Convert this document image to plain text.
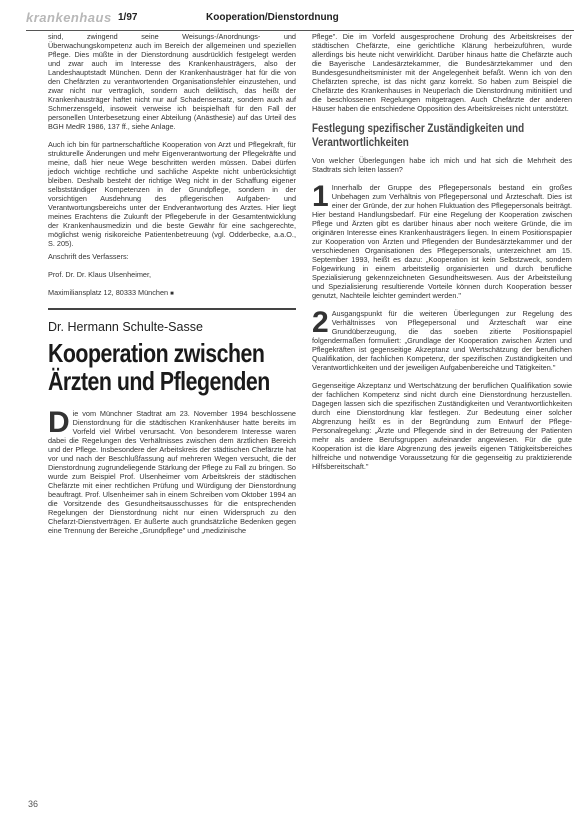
krankenhaus 1/97	Kooperation/Dienstordnung

sind, zwingend seine Weisungs-/Anordnungs- und Überwachungskompetenz auch im Bereich der allgemeinen und speziellen Pflege. Dies müßte in der Dienstordnung ausdrücklich festgelegt werden und zwar auch im Interesse des Krankenhausträgers, also der Landeshauptstadt München. Denn der Krankenhausträger hat für die von den Chefärzten zu verantwortenden Organisationsfehler einzustehen, und zwar nicht nur vertraglich, sondern auch deliktisch, das heißt der Krankenhausträger haftet nicht nur auf Schadensersatz, sondern auch auf Schmerzensgeld, insoweit verweise ich beispielhaft für den Fall der personellen Unterbesetzung einer Abteilung (Anästhesie) auf das Urteil des BGH MedR 1986, 137 ff., siehe Anlage.

Auch ich bin für partnerschaftliche Kooperation von Arzt und Pflegekraft, für strukturelle Änderungen und mehr Eigenverantwortung der Pflegekräfte und meine, daß hier neue Wege beschritten werden müssen. Dabei dürfen jedoch wichtige rechtliche und sachliche Aspekte nicht unberücksichtigt bleiben. Deshalb besteht der richtige Weg nicht in der Schaffung eigener selbstständiger Kompetenzen in der Grundpflege, sondern in der vorsichtigen Ausdehnung des pflegerischen Aufgaben- und Verantwortungsbereichs unter der Endverantwortung des Arztes. Hier liegt meines Erachtens die Zukunft der Pflegeberufe in der Gesamtentwicklung der Krankenhausmedizin und die beste Gewähr für eine sachgerechte, möglichst wenig risikoreiche Patientenbetreuung (vgl. Odderbecke, a.a.O., S. 205).

Anschrift des Verfassers:

Prof. Dr. Dr. Klaus Ulsenheimer,

Maximiliansplatz 12, 80333 München ■

Dr. Hermann Schulte-Sasse
Kooperation zwischen
Ärzten und Pflegenden

Die vom Münchner Stadtrat am 23. November 1994 beschlossene Dienstordnung für die städtischen Krankenhäuser hatte bereits im Vorfeld viel Wirbel verursacht. Von besonderem Interesse waren dabei die Regelungen des Verhältnisses zwischen dem ärztlichen Bereich und der Pflege. Insbesondere der Arbeitskreis der städtischen Chefärzte hat vor und nach der Beschlußfassung auf mehreren Wegen versucht, die der Dienstordnung zugrundeliegende Stärkung der Pflege zu Fall zu bringen. So wurde zum Beispiel Prof. Ulsenheimer vom Arbeitskreis der städtischen Chefärzte mit einer rechtlichen Prüfung und Würdigung der Dienstordnung beauftragt. Prof. Ulsenheimer sah in einem Schreiben vom Oktober 1994 an die Vorsitzende des Gesundheitsausschusses für die entsprechenden Regelungen der Dienstordnung nicht nur einen Widerspruch zu den Chefarzt-Dienstverträgen. Er äußerte auch grundsätzliche Bedenken gegen eine Trennung der Bereiche „Grundpflege" und „medizinische

Pflege". Die im Vorfeld ausgesprochene Drohung des Arbeitskreises der städtischen Chefärzte, eine gerichtliche Klärung herbeizuführen, wurde allerdings bis heute nicht verwirklicht. Darüber hinaus hatte die Chefärzte auch die Bayerische Landesärztekammer, die Bundesärztekammer und den Bundesgesundheitsminister mit der Angelegenheit befaßt. Wenn ich von den Chefärzten spreche, ist das nicht ganz korrekt. So haben zum Beispiel die Chefärzte des Krankenhauses in Neuperlach die Dienstordnung mitinitiiert und die beschlossenen Regelungen mitgetragen. Auch Chefärzte der anderen Häuser haben die entschiedene Opposition des Arbeitskreises nicht unterstützt.

Festlegung spezifischer Zuständigkeiten und
Verantwortlichkeiten

Von welcher Überlegungen habe ich mich und hat sich die Mehrheit des Stadtrats sich leiten lassen?

1 Innerhalb der Gruppe des Pflegepersonals bestand ein großes Unbehagen zum Verhältnis von Pflegepersonal und Ärzteschaft. Dies ist einer der Gründe, der zur hohen Fluktuation des Pflegepersonals beiträgt. Hier bestand Handlungsbedarf. Für eine Regelung der Kooperation zwischen Pflege und Ärzten gibt es darüber hinaus aber noch weitere Gründe, die im originären Interesse eines Krankenhausträgers liegen. In einem Positionspapier zur Kooperation von Ärzten und Pflegenden der Bundesärztekammer und der verschiedenen Organisationen des Pflegepersonals, unterzeichnet am 15. September 1993, heißt es dazu: „Kooperation ist kein Selbstzweck, sondern Folgewirkung in einem arbeitsteilig organisierten und durch berufliche Spezialisierung gekennzeichneten Gesundheitswesen. Aus der Arbeitsteilung und Spezialisierung resultierende Vorteile können durch Kooperation besser genutzt, Nachteile leichter gemindert werden."

2 Ausgangspunkt für die weiteren Überlegungen zur Regelung des Verhältnisses von Pflegepersonal und Ärzteschaft war eine Grundüberzeugung, die das soeben zitierte Positionspapiel folgendermaßen formuliert: „Grundlage der Kooperation zwischen Ärzten und Pflegekräften ist gegenseitige Akzeptanz und Wertschätzung der beruflichen Qualifikation, der fachlichen Kompetenz, der spezifischen Zuständigkeiten und Verantwortlichkeiten und der jeweiligen Aufgabenbereiche und Tätigkeiten."

Gegenseitige Akzeptanz und Wertschätzung der beruflichen Qualifikation sowie der fachlichen Kompetenz sind nicht durch eine Dienstordnung herzustellen. Dagegen lassen sich die spezifischen Zuständigkeiten und Verantwortlichkeiten durch eine Dienstordnung klar festlegen. Zur Bedeutung einer solcher Abgrenzung heißt es in der Begründung zum Entwurf der Pflege-Personalregelung: „Ärzte und Pflegende sind in der Betreuung der Patienten mehr als andere Berufsgruppen aufeinander angewiesen. Für die gute Kooperation ist die klare Abgrenzung des jeweils eigenen Tätigkeitsbereiches hilfreiche und notwendige Voraussetzung für die gegenseitig zu praktizierende Hilfsbereitschaft."

36
